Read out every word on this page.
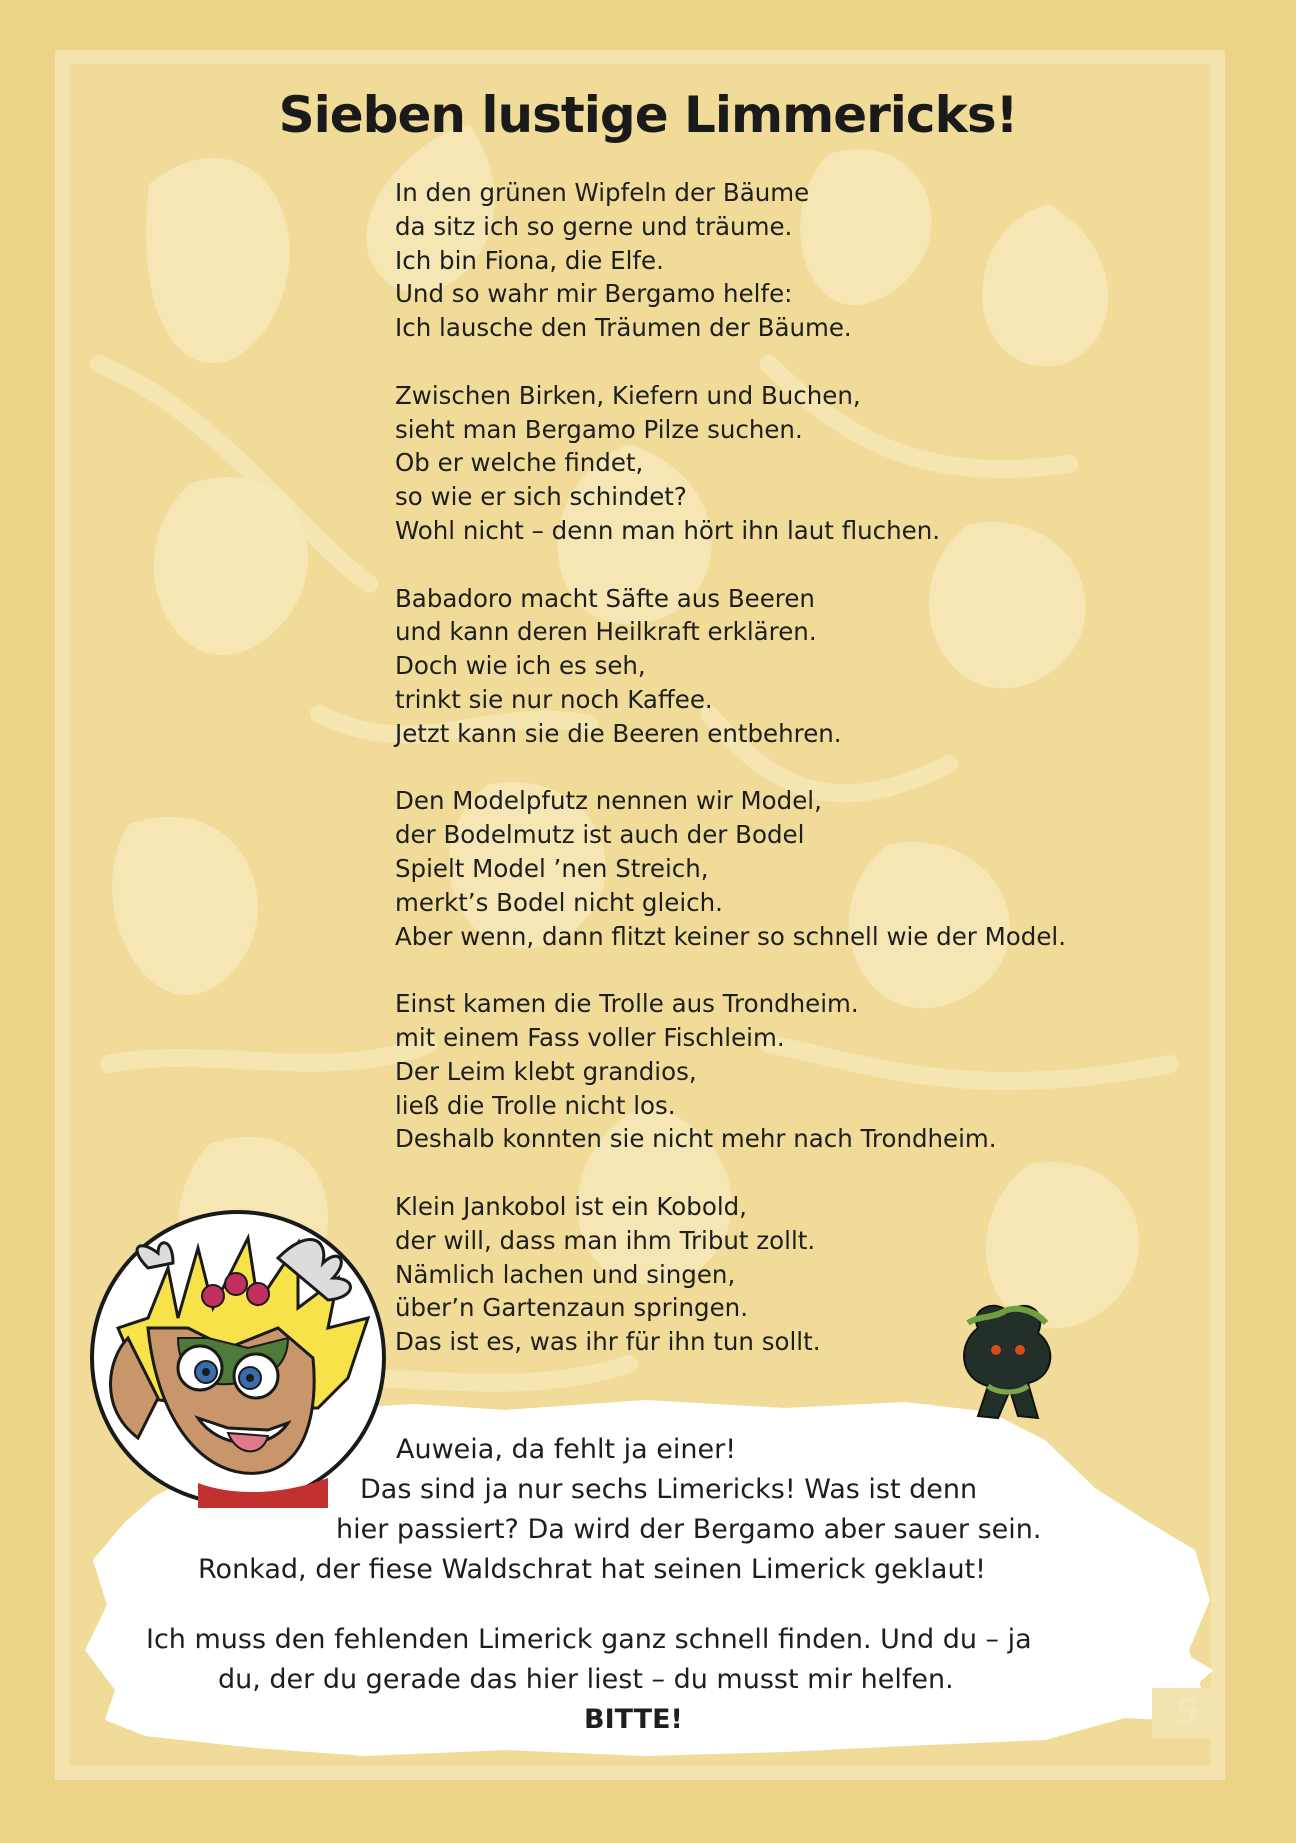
Sieben lustige Limmericks!
In den grünen Wipfeln der Bäume
da sitz ich so gerne und träume.
Ich bin Fiona, die Elfe.
Und so wahr mir Bergamo helfe:
Ich lausche den Träumen der Bäume.
Zwischen Birken, Kiefern und Buchen,
sieht man Bergamo Pilze suchen.
Ob er welche findet,
so wie er sich schindet?
Wohl nicht – denn man hört ihn laut fluchen.
Babadoro macht Säfte aus Beeren
und kann deren Heilkraft erklären.
Doch wie ich es seh,
trinkt sie nur noch Kaffee.
Jetzt kann sie die Beeren entbehren.
Den Modelpfutz nennen wir Model,
der Bodelmutz ist auch der Bodel
Spielt Model ’nen Streich,
merkt’s Bodel nicht gleich.
Aber wenn, dann flitzt keiner so schnell wie der Model.
Einst kamen die Trolle aus Trondheim.
mit einem Fass voller Fischleim.
Der Leim klebt grandios,
ließ die Trolle nicht los.
Deshalb konnten sie nicht mehr nach Trondheim.
Klein Jankobol ist ein Kobold,
der will, dass man ihm Tribut zollt.
Nämlich lachen und singen,
über’n Gartenzaun springen.
Das ist es, was ihr für ihn tun sollt.
Auweia, da fehlt ja einer!
Das sind ja nur sechs Limericks! Was ist denn
hier passiert? Da wird der Bergamo aber sauer sein.
Ronkad, der fiese Waldschrat hat seinen Limerick geklaut!
Ich muss den fehlenden Limerick ganz schnell finden. Und du – ja
du, der du gerade das hier liest – du musst mir helfen.
BITTE!	5
